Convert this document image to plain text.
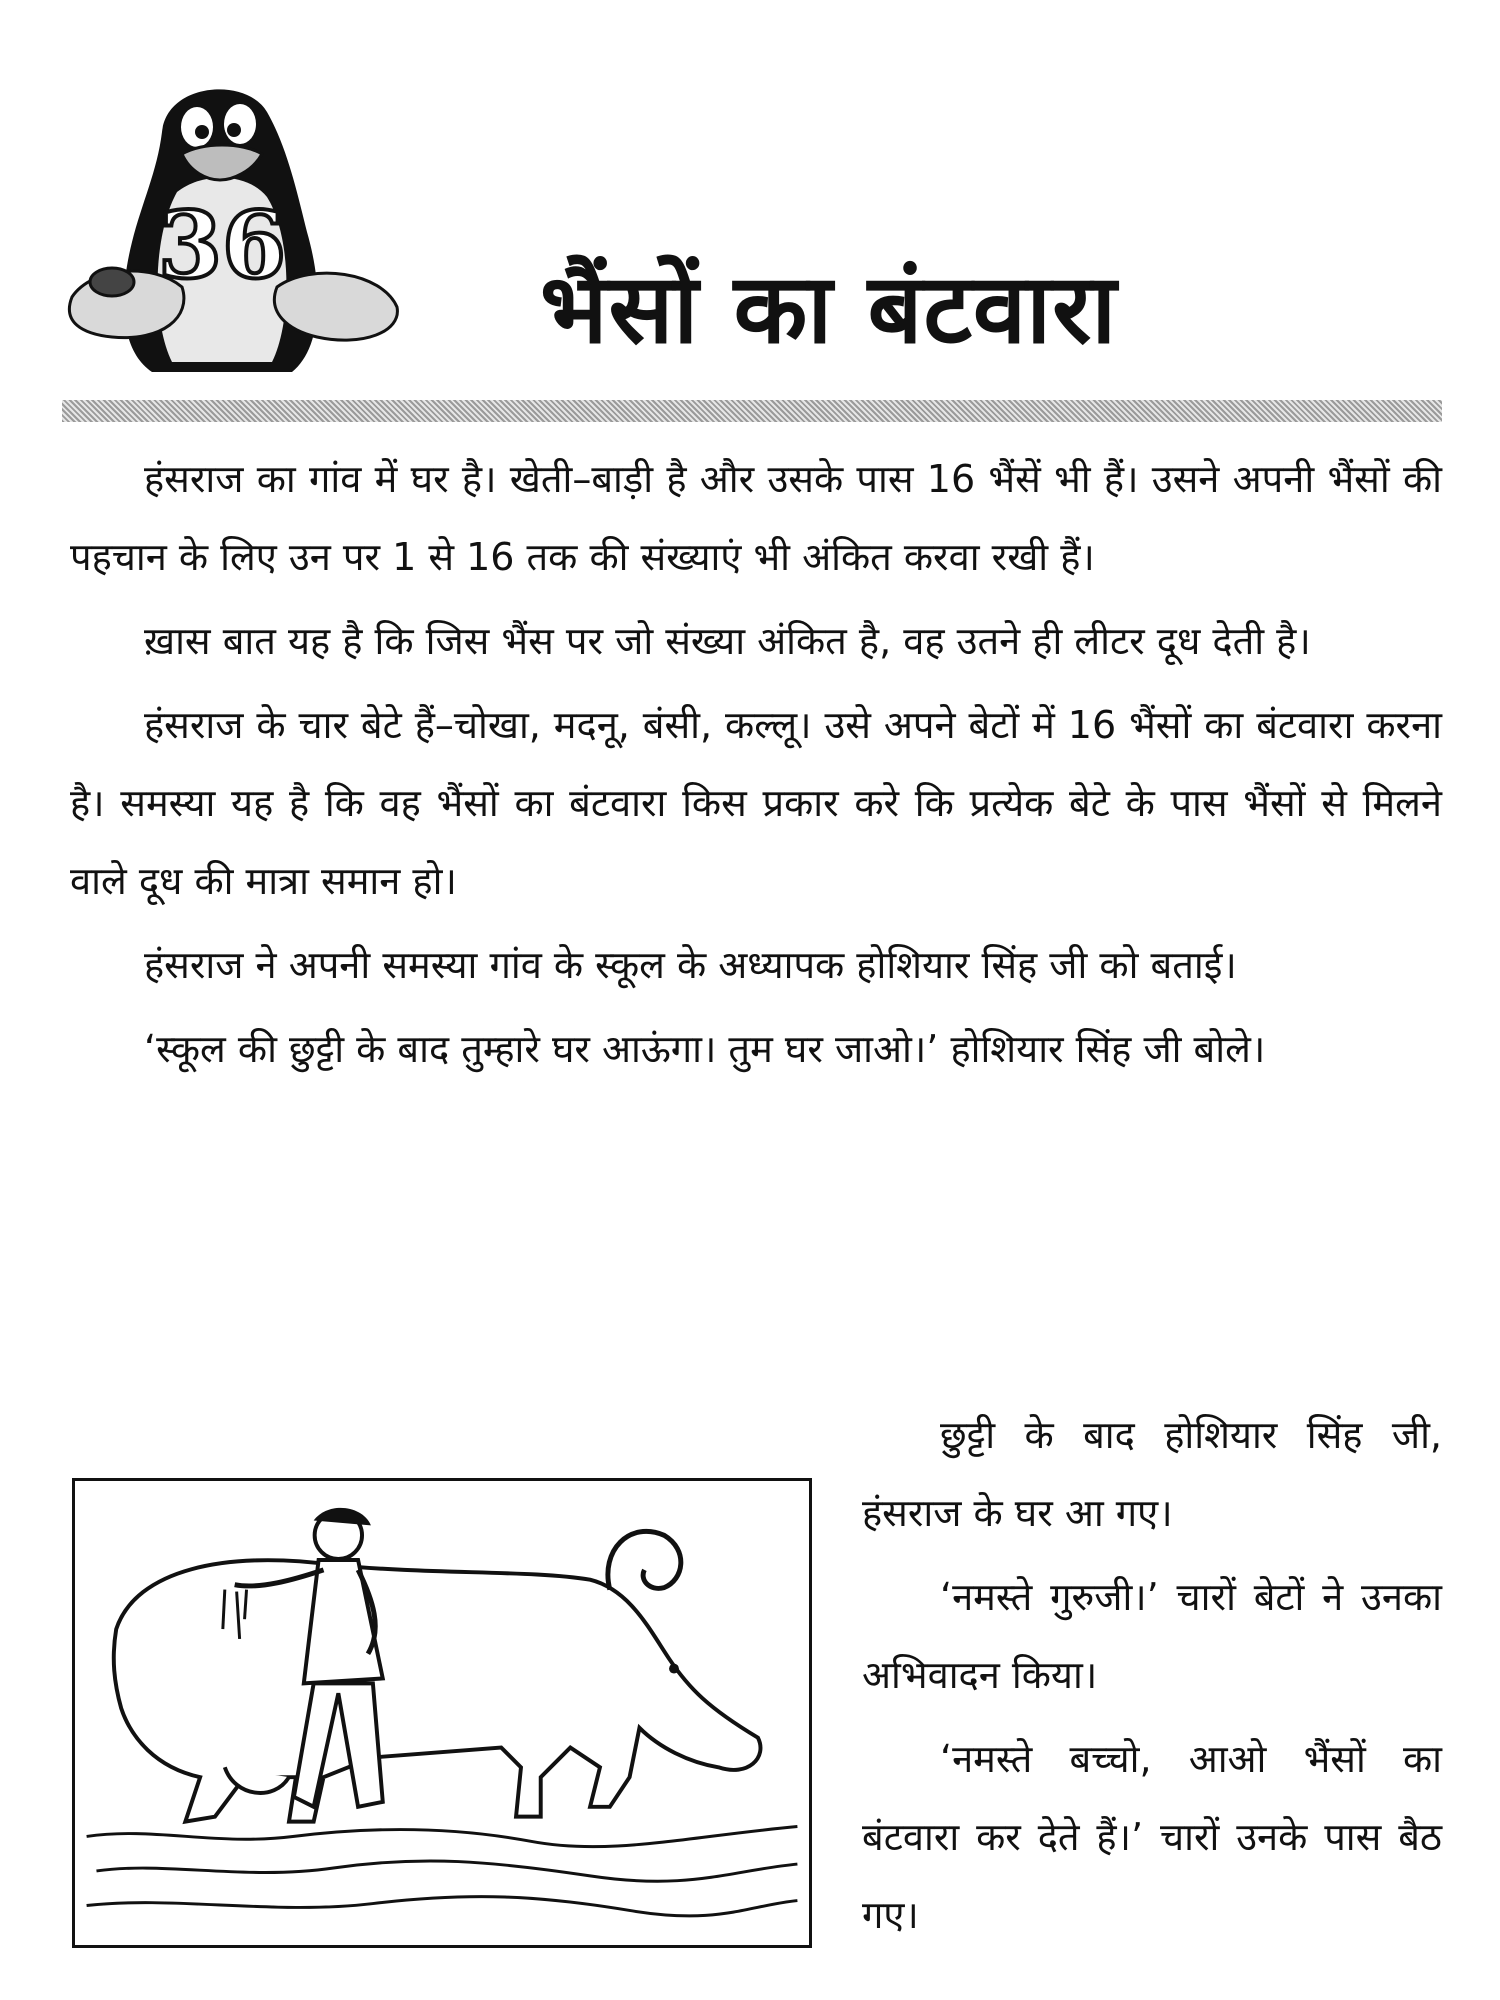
36
भैंसों का बंटवारा

हंसराज का गांव में घर है। खेती–बाड़ी है और उसके पास 16 भैंसें भी हैं। उसने अपनी भैंसों की पहचान के लिए उन पर 1 से 16 तक की संख्याएं भी अंकित करवा रखी हैं।

ख़ास बात यह है कि जिस भैंस पर जो संख्या अंकित है, वह उतने ही लीटर दूध देती है।

हंसराज के चार बेटे हैं–चोखा, मदनू, बंसी, कल्लू। उसे अपने बेटों में 16 भैंसों का बंटवारा करना है। समस्या यह है कि वह भैंसों का बंटवारा किस प्रकार करे कि प्रत्येक बेटे के पास भैंसों से मिलने वाले दूध की मात्रा समान हो।

हंसराज ने अपनी समस्या गांव के स्कूल के अध्यापक होशियार सिंह जी को बताई।

‘स्कूल की छुट्टी के बाद तुम्हारे घर आऊंगा। तुम घर जाओ।’ होशियार सिंह जी बोले।

छुट्टी के बाद होशियार सिंह जी, हंसराज के घर आ गए।

‘नमस्ते गुरुजी।’ चारों बेटों ने उनका अभिवादन किया।

‘नमस्ते बच्चो, आओ भैंसों का बंटवारा कर देते हैं।’ चारों उनके पास बैठ गए।
